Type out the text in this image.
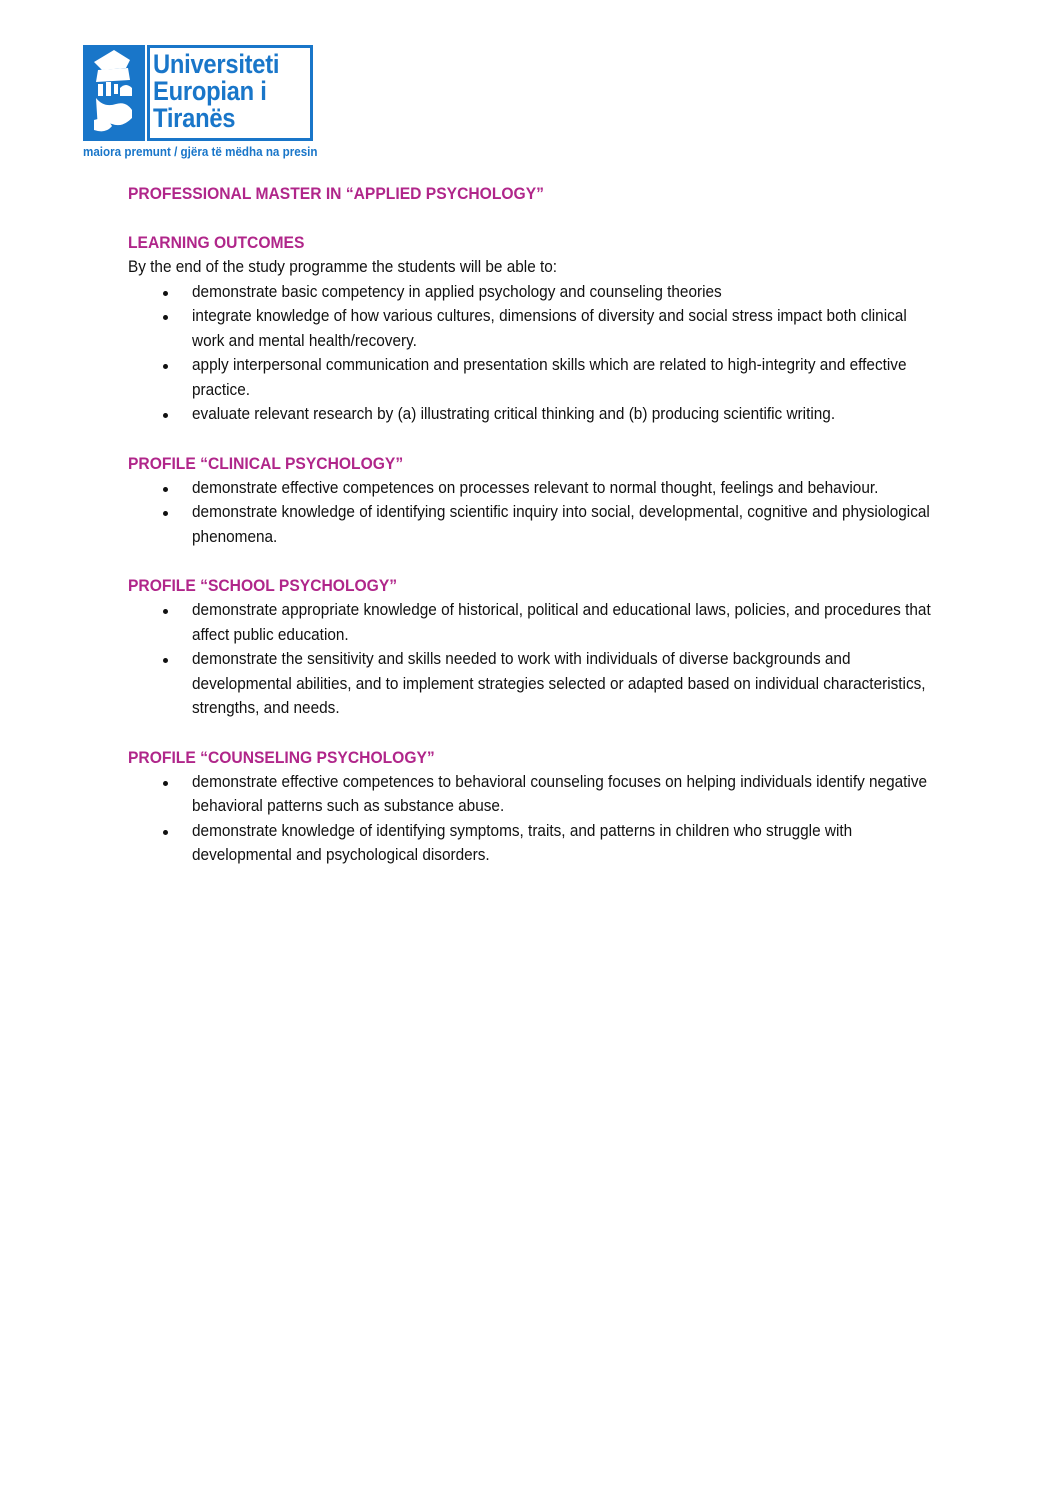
UE
Universiteti
Europian i
Tiranës
maiora premunt / gjëra të mëdha na presin
PROFESSIONAL MASTER IN “APPLIED PSYCHOLOGY”
LEARNING OUTCOMES

By the end of the study programme the students will be able to:

demonstrate basic competency in applied psychology and counseling theories
integrate knowledge of how various cultures, dimensions of diversity and social stress impact both clinical work and mental health/recovery.
apply interpersonal communication and presentation skills which are related to high-integrity and effective practice.
evaluate relevant research by (a) illustrating critical thinking and (b) producing scientific writing.
PROFILE “CLINICAL PSYCHOLOGY”
demonstrate effective competences on processes relevant to normal thought, feelings and behaviour.
demonstrate knowledge of identifying scientific inquiry into social, developmental, cognitive and physiological phenomena.
PROFILE “SCHOOL PSYCHOLOGY”
demonstrate appropriate knowledge of historical, political and educational laws, policies, and procedures that affect public education.
demonstrate the sensitivity and skills needed to work with individuals of diverse backgrounds and developmental abilities, and to implement strategies selected or adapted based on individual characteristics, strengths, and needs.
PROFILE “COUNSELING PSYCHOLOGY”
demonstrate effective competences to behavioral counseling focuses on helping individuals identify negative behavioral patterns such as substance abuse.
demonstrate knowledge of identifying symptoms, traits, and patterns in children who struggle with developmental and psychological disorders.
